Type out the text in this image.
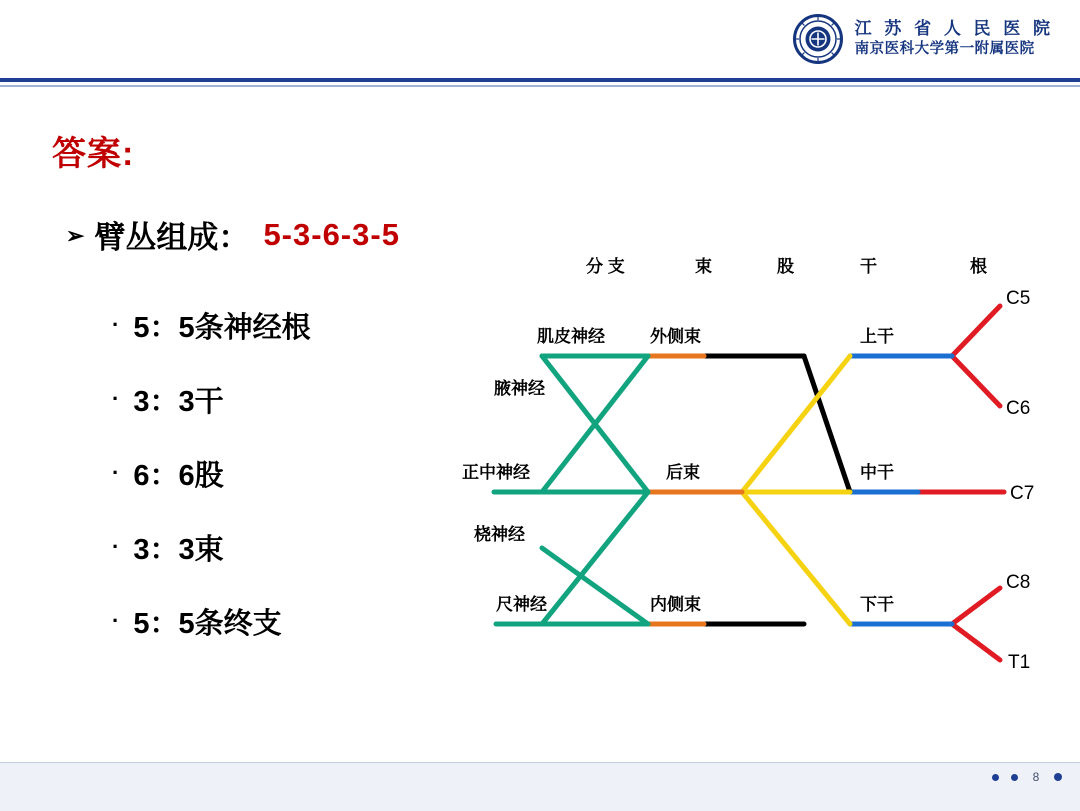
江 苏 省 人 民 医 院
南京医科大学第一附属医院
答案:
➢ 臂丛组成： 5-3-6-3-5
· 5：5条神经根
· 3：3干
· 6：6股
· 3：3束
· 5：5条终支
分 支	束	股	干	根
肌皮神经
腋神经
正中神经
桡神经
尺神经
外侧束
后束
内侧束
上干
中干
下干
C5
C6
C7
C8
T1
8
